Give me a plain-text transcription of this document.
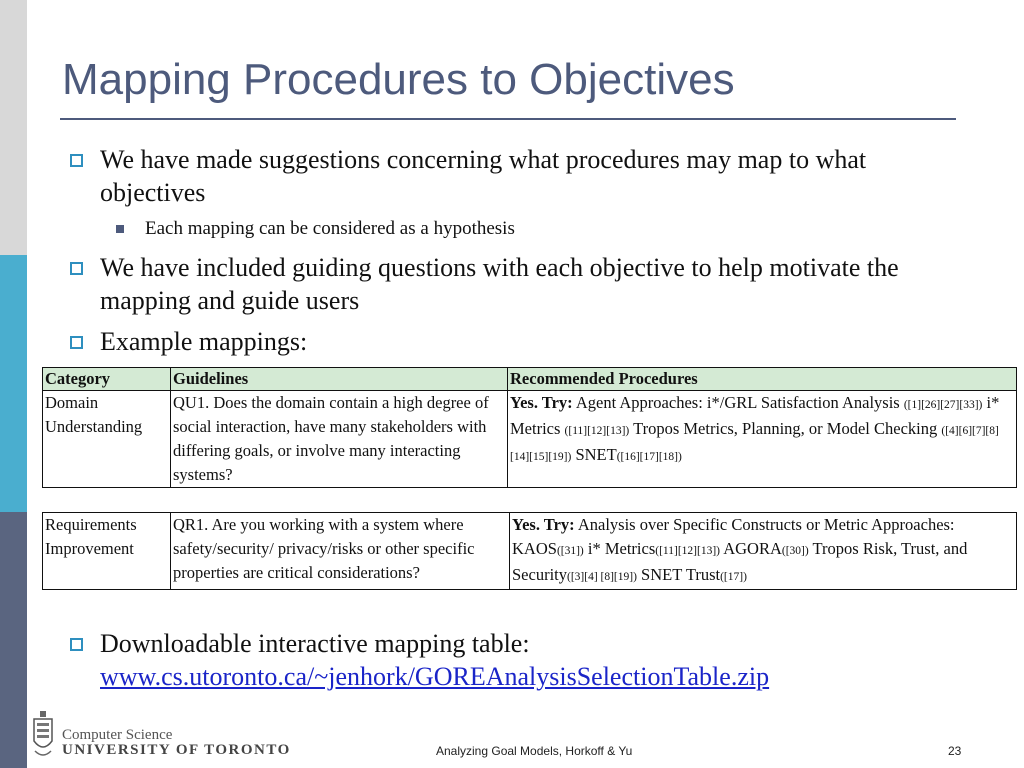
Mapping Procedures to Objectives
We have made suggestions concerning what procedures may map to what objectives
Each mapping can be considered as a hypothesis
We have included guiding questions with each objective to help motivate the mapping and guide users
Example mappings:
Category	Guidelines	Recommended Procedures
Domain Understanding	QU1. Does the domain contain a high degree of social interaction, have many stakeholders with differing goals, or involve many interacting systems?	Yes. Try: Agent Approaches: i*/GRL Satisfaction Analysis ([1][26][27][33]) i* Metrics ([11][12][13]) Tropos Metrics, Planning, or Model Checking ([4][6][7][8][14][15][19]) SNET([16][17][18])
Requirements Improvement	QR1. Are you working with a system where safety/security/ privacy/risks or other specific properties are critical considerations?	Yes. Try: Analysis over Specific Constructs or Metric Approaches: KAOS([31]) i* Metrics([11][12][13]) AGORA([30]) Tropos Risk, Trust, and Security([3][4] [8][19]) SNET Trust([17])
Downloadable interactive mapping table:
www.cs.utoronto.ca/~jenhork/GOREAnalysisSelectionTable.zip
Computer Science
UNIVERSITY OF TORONTO	Analyzing Goal Models, Horkoff & Yu	23
